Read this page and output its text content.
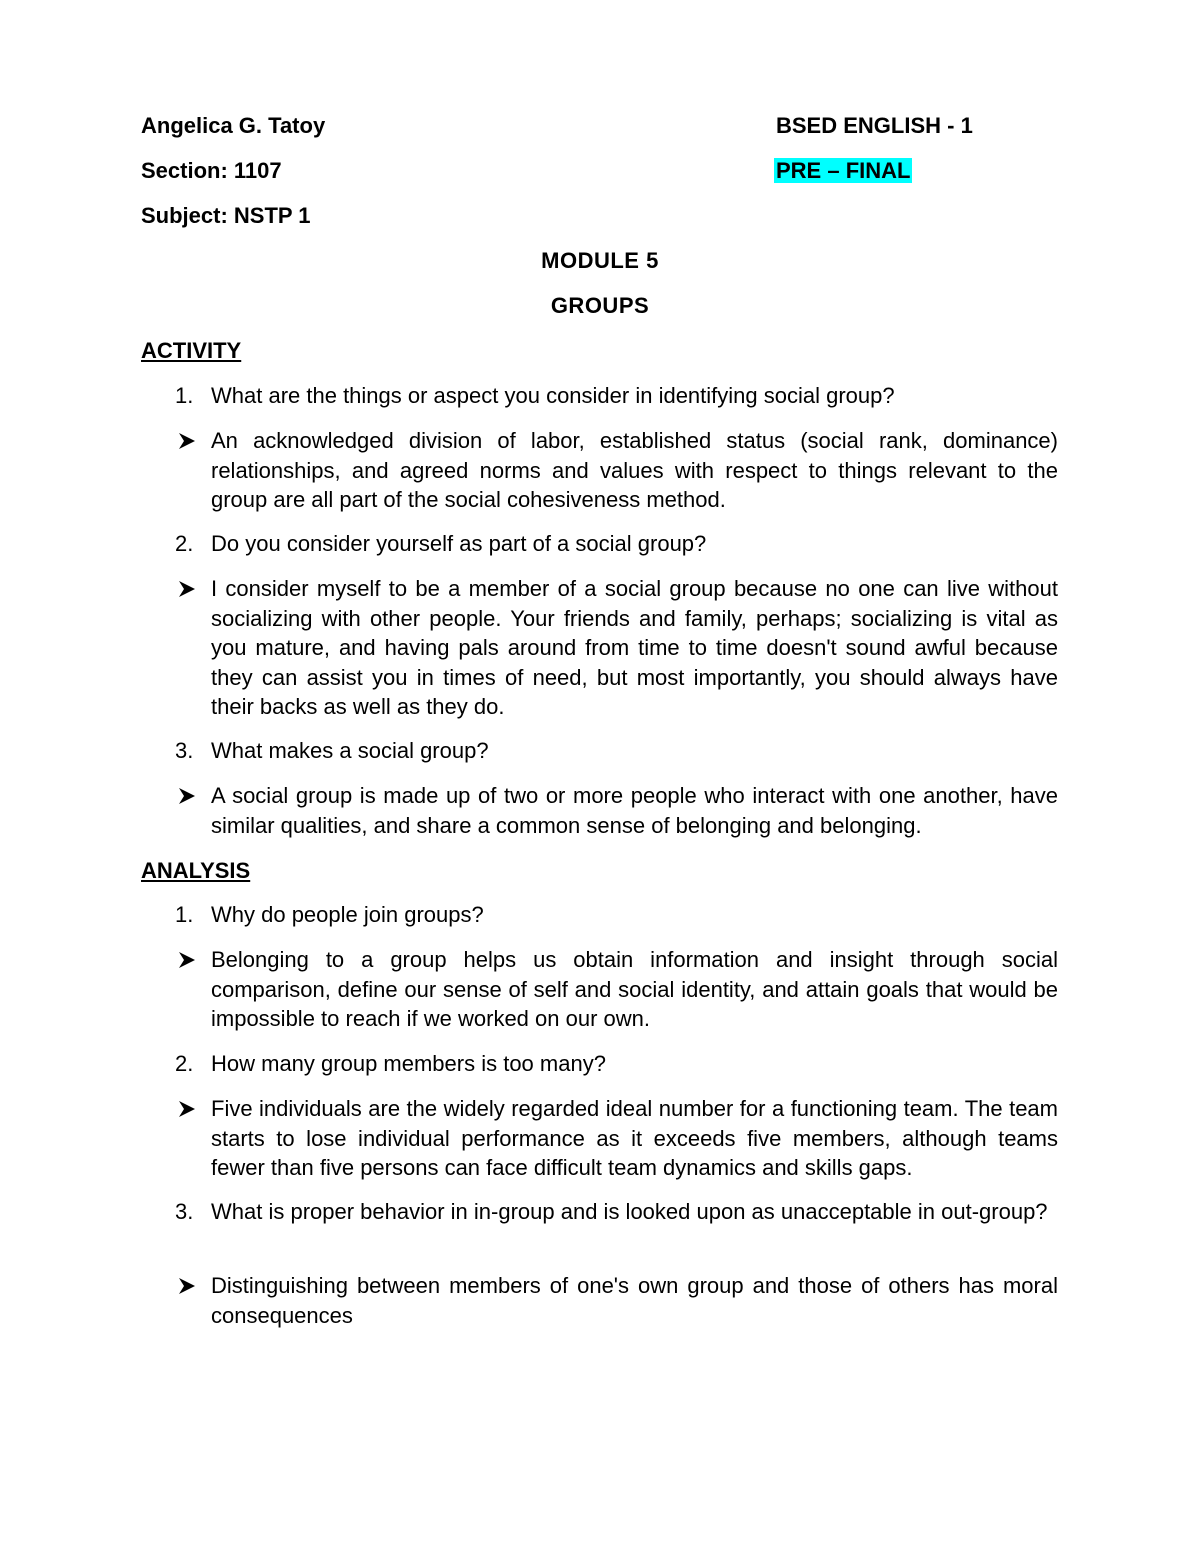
Angelica G. Tatoy
Section: 1107
Subject: NSTP 1
BSED ENGLISH - 1
PRE – FINAL
MODULE 5
GROUPS
ACTIVITY
1. What are the things or aspect you consider in identifying social group?
An acknowledged division of labor, established status (social rank, dominance) relationships, and agreed norms and values with respect to things relevant to the group are all part of the social cohesiveness method.
2. Do you consider yourself as part of a social group?
I consider myself to be a member of a social group because no one can live without socializing with other people. Your friends and family, perhaps; socializing is vital as you mature, and having pals around from time to time doesn't sound awful because they can assist you in times of need, but most importantly, you should always have their backs as well as they do.
3. What makes a social group?
A social group is made up of two or more people who interact with one another, have similar qualities, and share a common sense of belonging and belonging.
ANALYSIS
1. Why do people join groups?
Belonging to a group helps us obtain information and insight through social comparison, define our sense of self and social identity, and attain goals that would be impossible to reach if we worked on our own.
2. How many group members is too many?
Five individuals are the widely regarded ideal number for a functioning team. The team starts to lose individual performance as it exceeds five members, although teams fewer than five persons can face difficult team dynamics and skills gaps.
3. What is proper behavior in in-group and is looked upon as unacceptable in out-group?
Distinguishing between members of one's own group and those of others has moral consequences
